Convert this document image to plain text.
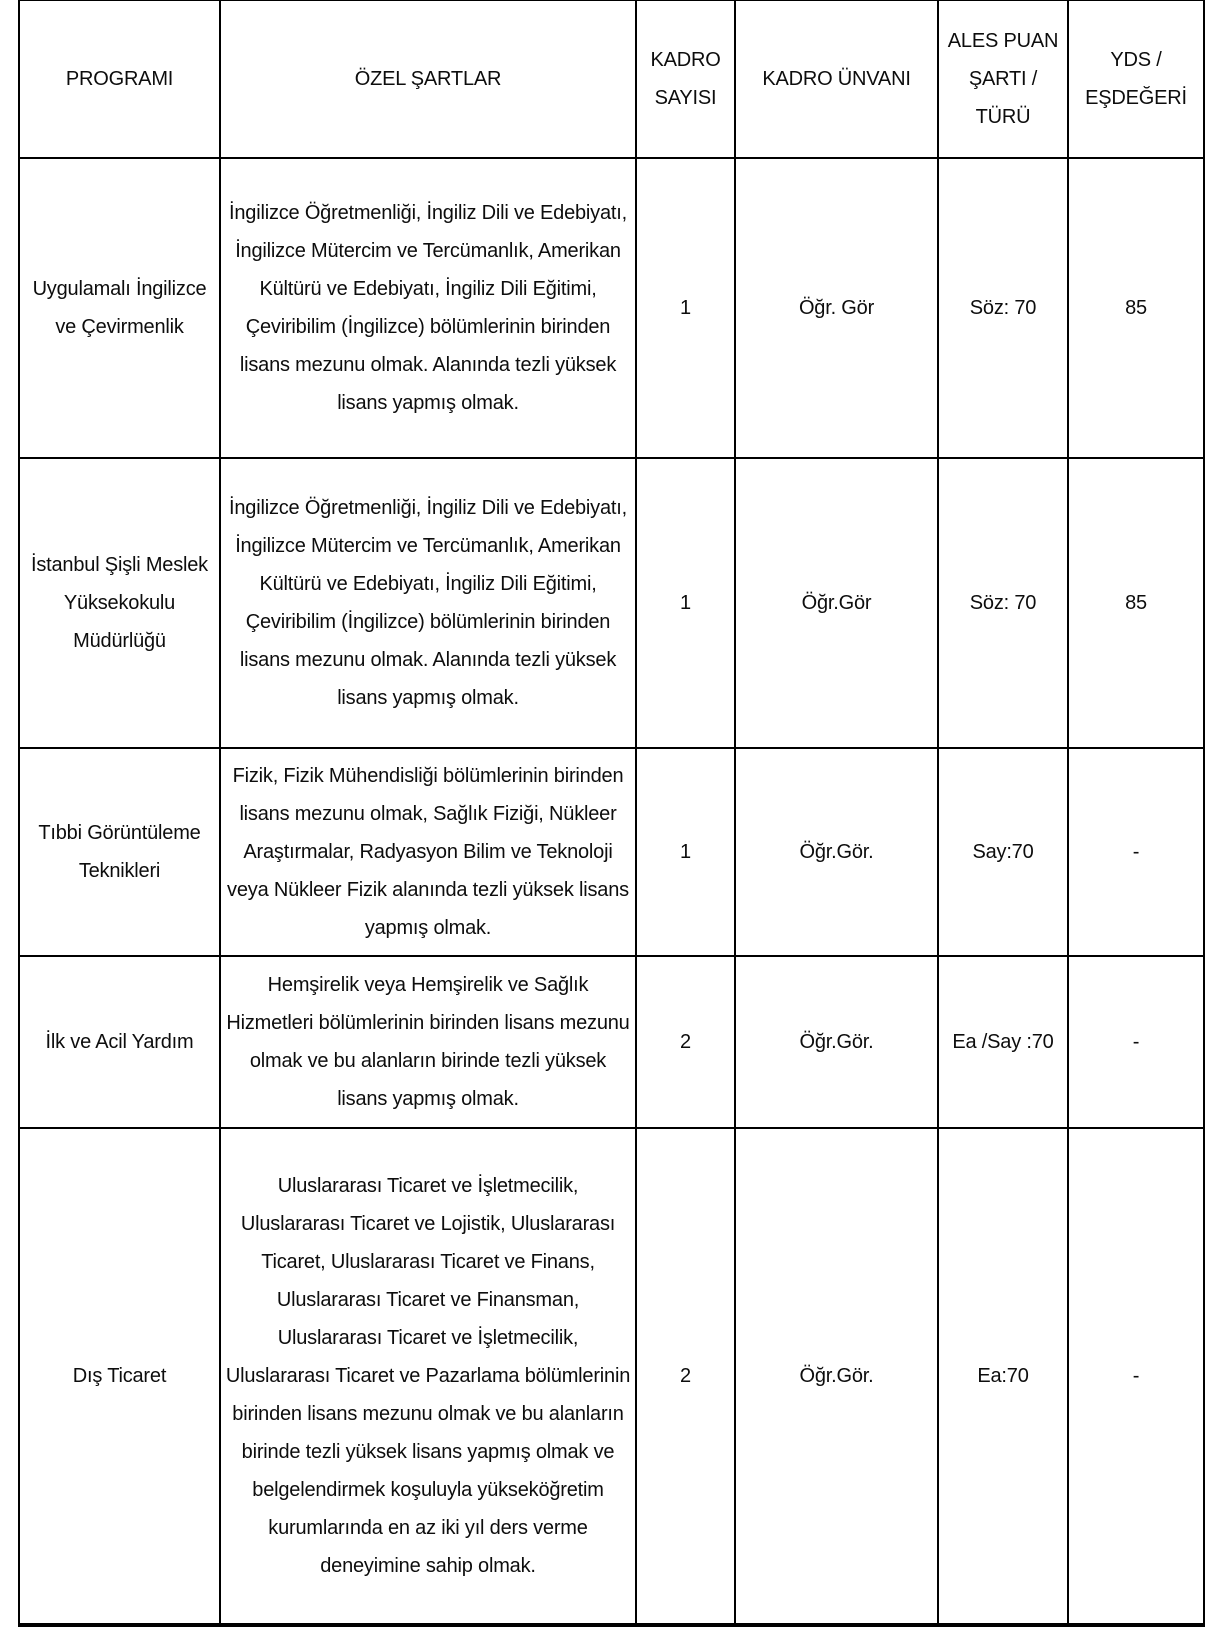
PROGRAMI	ÖZEL ŞARTLAR	KADRO SAYISI	KADRO ÜNVANI	ALES PUAN ŞARTI / TÜRÜ	YDS / EŞDEĞERİ
Uygulamalı İngilizce ve Çevirmenlik	İngilizce Öğretmenliği, İngiliz Dili ve Edebiyatı, İngilizce Mütercim ve Tercümanlık, Amerikan Kültürü ve Edebiyatı, İngiliz Dili Eğitimi, Çeviribilim (İngilizce) bölümlerinin birinden lisans mezunu olmak. Alanında tezli yüksek lisans yapmış olmak.	1	Öğr. Gör	Söz: 70	85
İstanbul Şişli Meslek Yüksekokulu Müdürlüğü	İngilizce Öğretmenliği, İngiliz Dili ve Edebiyatı, İngilizce Mütercim ve Tercümanlık, Amerikan Kültürü ve Edebiyatı, İngiliz Dili Eğitimi, Çeviribilim (İngilizce) bölümlerinin birinden lisans mezunu olmak. Alanında tezli yüksek lisans yapmış olmak.	1	Öğr.Gör	Söz: 70	85
Tıbbi Görüntüleme Teknikleri	Fizik, Fizik Mühendisliği bölümlerinin birinden lisans mezunu olmak, Sağlık Fiziği, Nükleer Araştırmalar, Radyasyon Bilim ve Teknoloji veya Nükleer Fizik alanında tezli yüksek lisans yapmış olmak.	1	Öğr.Gör.	Say:70	-
İlk ve Acil Yardım	Hemşirelik veya Hemşirelik ve Sağlık Hizmetleri bölümlerinin birinden lisans mezunu olmak ve bu alanların birinde tezli yüksek lisans yapmış olmak.	2	Öğr.Gör.	Ea /Say :70	-
Dış Ticaret	Uluslararası Ticaret ve İşletmecilik, Uluslararası Ticaret ve Lojistik, Uluslararası Ticaret, Uluslararası Ticaret ve Finans, Uluslararası Ticaret ve Finansman, Uluslararası Ticaret ve İşletmecilik, Uluslararası Ticaret ve Pazarlama bölümlerinin birinden lisans mezunu olmak ve bu alanların birinde tezli yüksek lisans yapmış olmak ve belgelendirmek koşuluyla yükseköğretim kurumlarında en az iki yıl ders verme deneyimine sahip olmak.	2	Öğr.Gör.	Ea:70	-
